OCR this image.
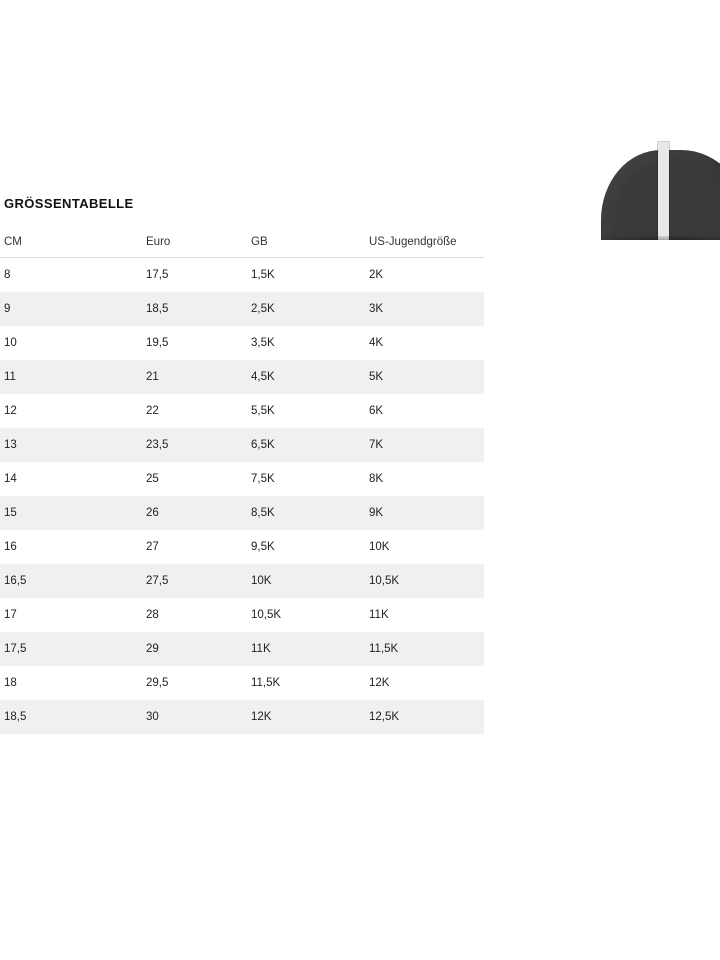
GRÖSSENTABELLE
CM	Euro	GB	US-Jugendgröße
8	17,5	1,5K	2K
9	18,5	2,5K	3K
10	19,5	3,5K	4K
11	21	4,5K	5K
12	22	5,5K	6K
13	23,5	6,5K	7K
14	25	7,5K	8K
15	26	8,5K	9K
16	27	9,5K	10K
16,5	27,5	10K	10,5K
17	28	10,5K	11K
17,5	29	11K	11,5K
18	29,5	11,5K	12K
18,5	30	12K	12,5K
